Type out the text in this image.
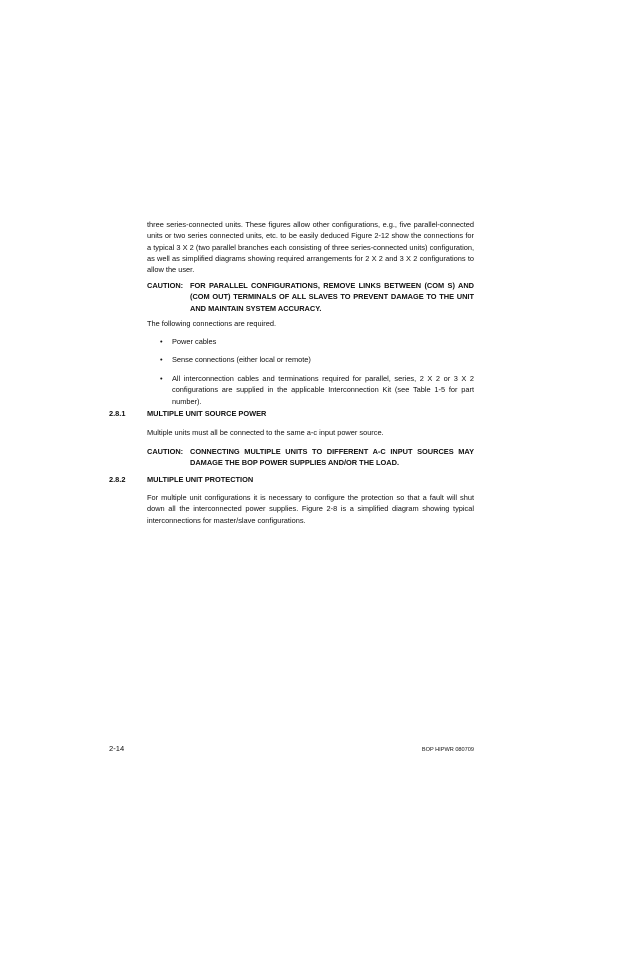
three series-connected units. These figures allow other configurations, e.g., five parallel-connected units or two series connected units, etc. to be easily deduced Figure 2-12 show the connections for a typical 3 X 2 (two parallel branches each consisting of three series-connected units) configuration, as well as simplified diagrams showing required arrangements for 2 X 2 and 3 X 2 configurations to allow the user.

CAUTION: FOR PARALLEL CONFIGURATIONS, REMOVE LINKS BETWEEN (COM S) AND (COM OUT) TERMINALS OF ALL SLAVES TO PREVENT DAMAGE TO THE UNIT AND MAINTAIN SYSTEM ACCURACY.

The following connections are required.

•	Power cables
•	Sense connections (either local or remote)
•	All interconnection cables and terminations required for parallel, series, 2 X 2 or 3 X 2 configurations are supplied in the applicable Interconnection Kit (see Table 1-5 for part number).
2.8.1	MULTIPLE UNIT SOURCE POWER

Multiple units must all be connected to the same a-c input power source.

CAUTION: CONNECTING MULTIPLE UNITS TO DIFFERENT A-C INPUT SOURCES MAY DAMAGE THE BOP POWER SUPPLIES AND/OR THE LOAD.
2.8.2	MULTIPLE UNIT PROTECTION

For multiple unit configurations it is necessary to configure the protection so that a fault will shut down all the interconnected power supplies. Figure 2-8 is a simplified diagram showing typical interconnections for master/slave configurations.

2-14	BOP HIPWR 080709
